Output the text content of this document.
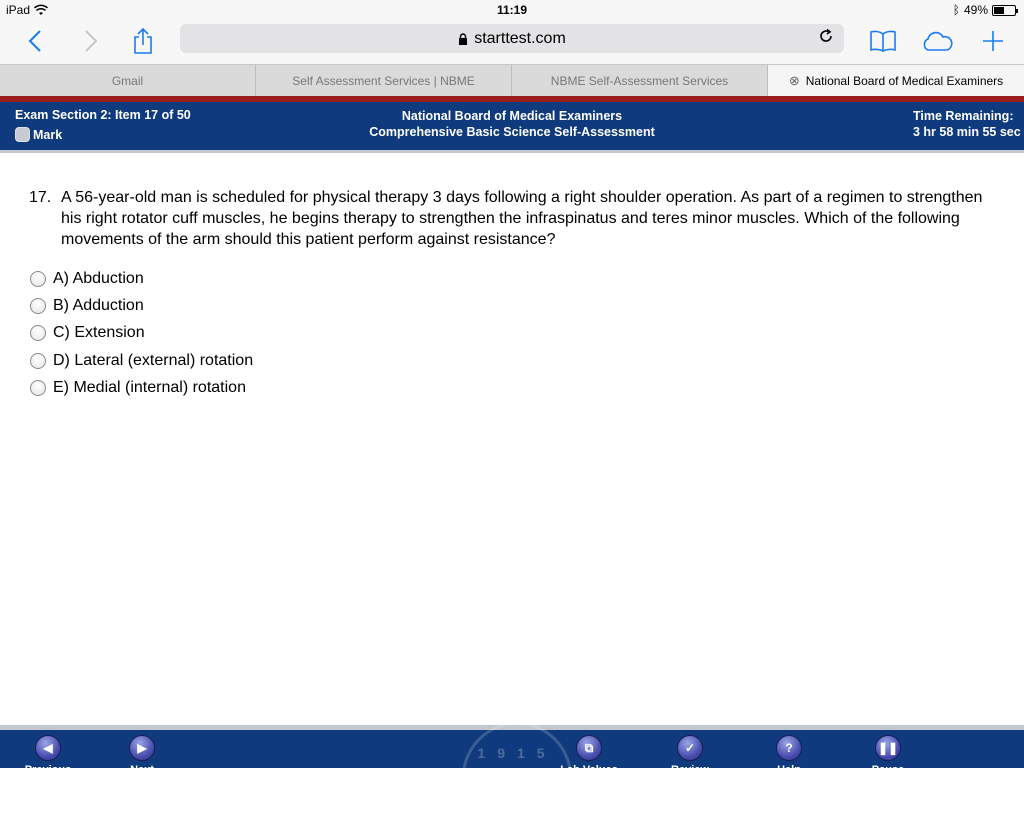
iPad	11:19	ᛒ 49%
starttest.com
Gmail	Self Assessment Services | NBME	NBME Self-Assessment Services	⊗ National Board of Medical Examiners
Exam Section 2: Item 17 of 50
Mark
National Board of Medical Examiners
Comprehensive Basic Science Self-Assessment
Time Remaining:
3 hr 58 min 55 sec
17. A 56-year-old man is scheduled for physical therapy 3 days following a right shoulder operation. As part of a regimen to strengthen his right rotator cuff muscles, he begins therapy to strengthen the infraspinatus and teres minor muscles. Which of the following movements of the arm should this patient perform against resistance?
A) Abduction
B) Adduction
C) Extension
D) Lateral (external) rotation
E) Medial (internal) rotation
1915
◀
Previous
▶
Next
⧉
Lab Values
✓
Review
?
Help
❚❚
Pause
